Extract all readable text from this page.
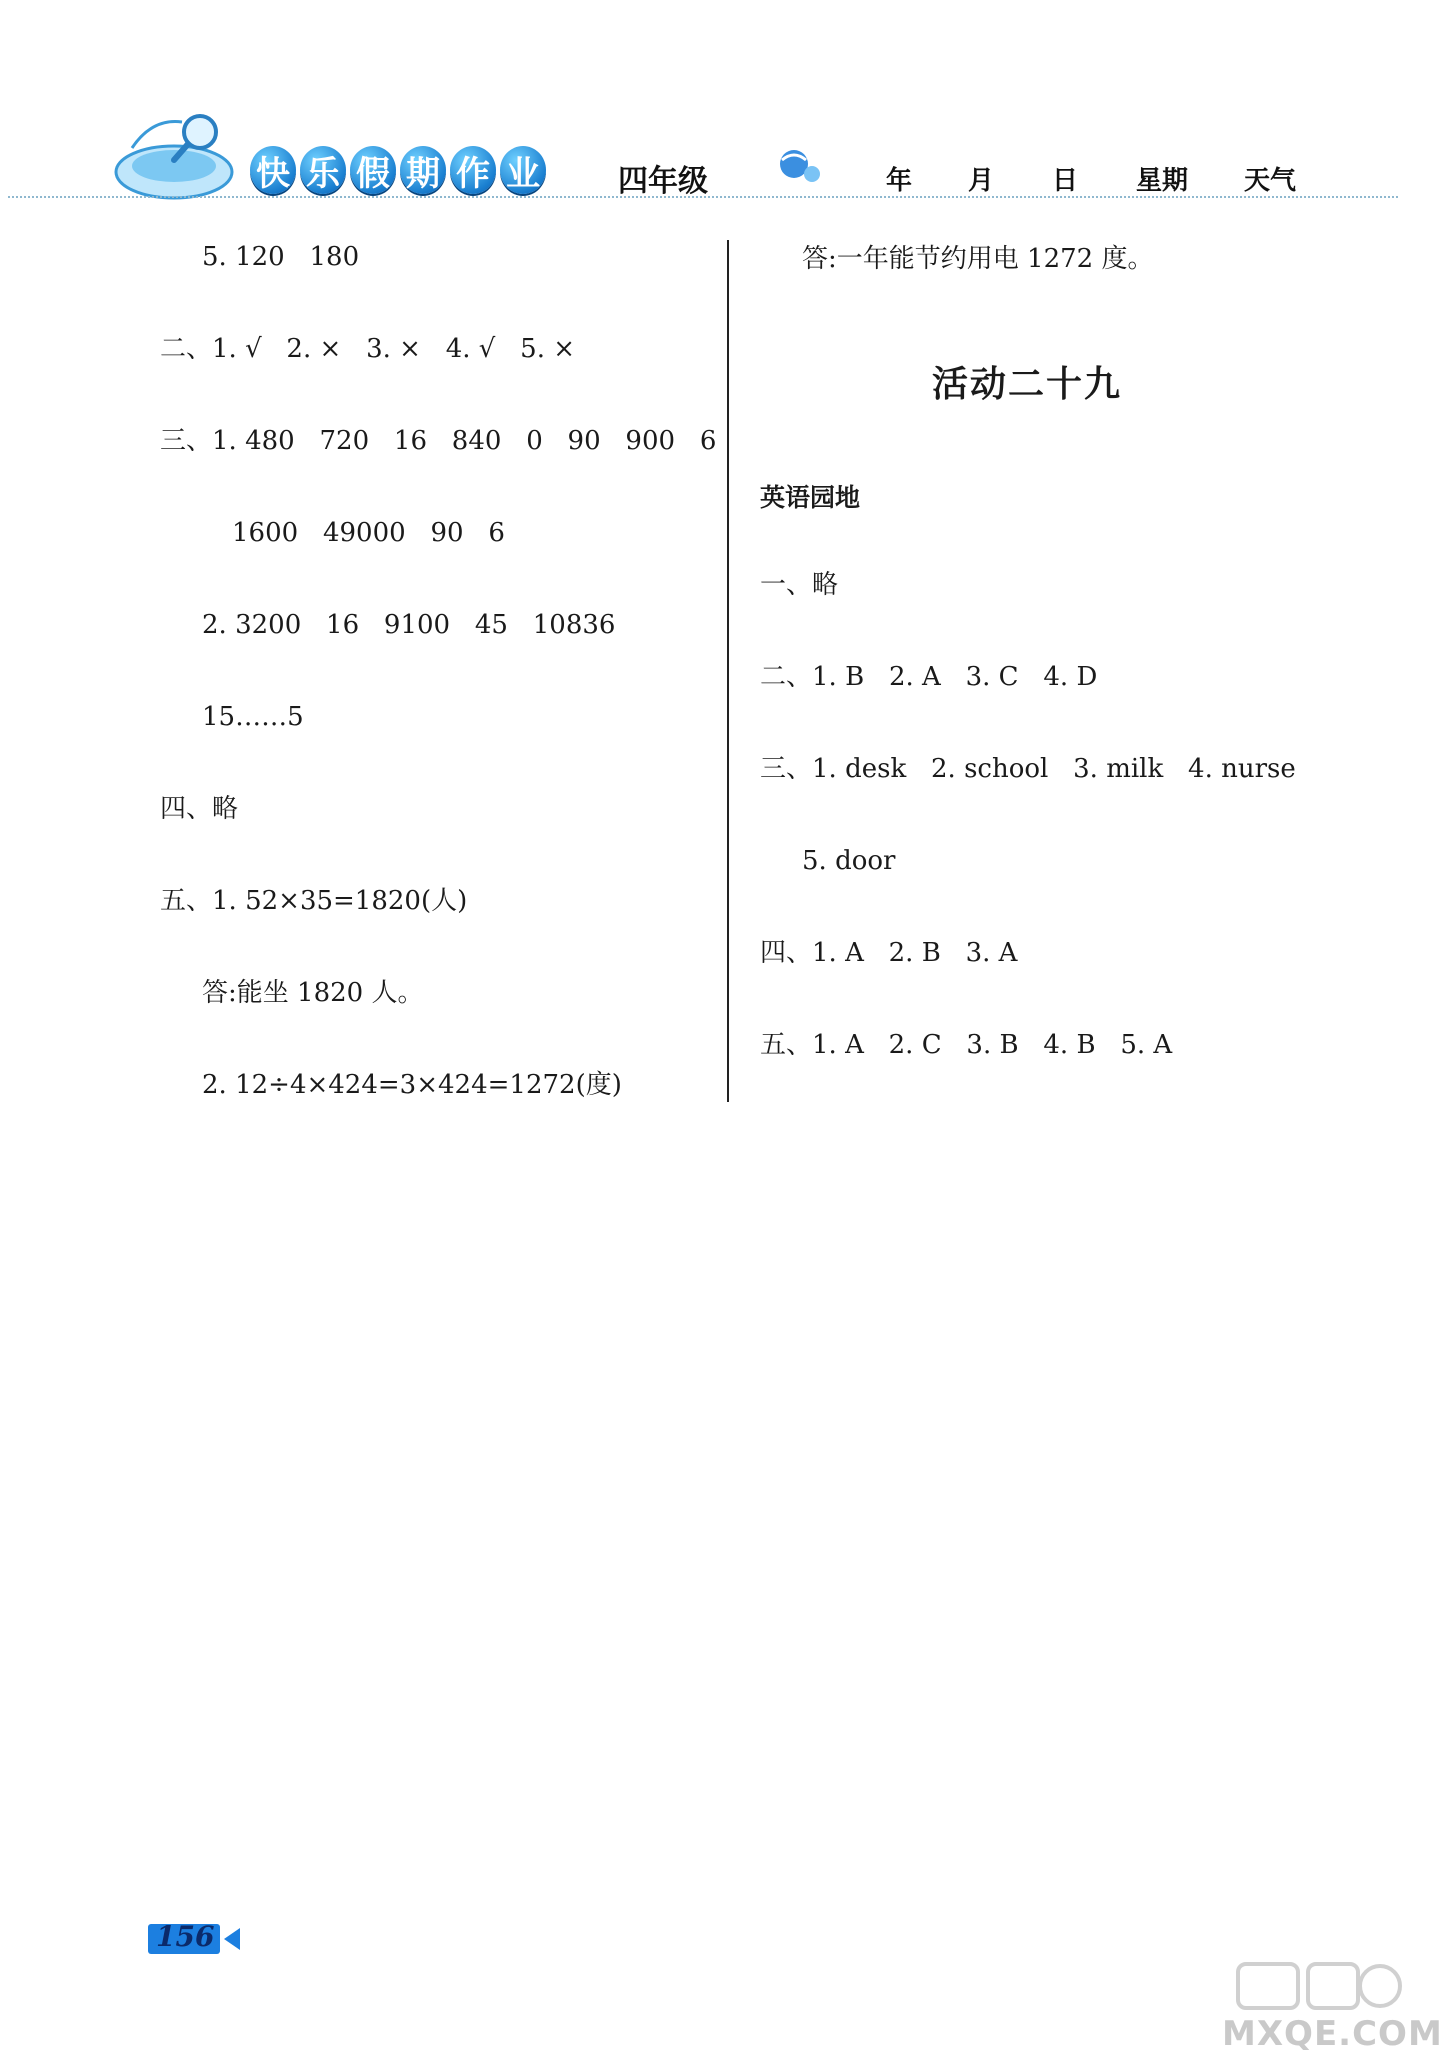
快 乐 假 期 作 业	四年级	年 月 日 星期 天气
5. 120   180
二、1. √   2. ×   3. ×   4. √   5. ×
三、1. 480   720   16   840   0   90   900   6
1600   49000   90   6
2. 3200   16   9100   45   10836
15……5
四、略
五、1. 52×35=1820(人)
答:能坐 1820 人。
2. 12÷4×424=3×424=1272(度)
答:一年能节约用电 1272 度。
活动二十九
英语园地
一、略
二、1. B   2. A   3. C   4. D
三、1. desk   2. school   3. milk   4. nurse
5. door
四、1. A   2. B   3. A
五、1. A   2. C   3. B   4. B   5. A
156
MXQE.COM
